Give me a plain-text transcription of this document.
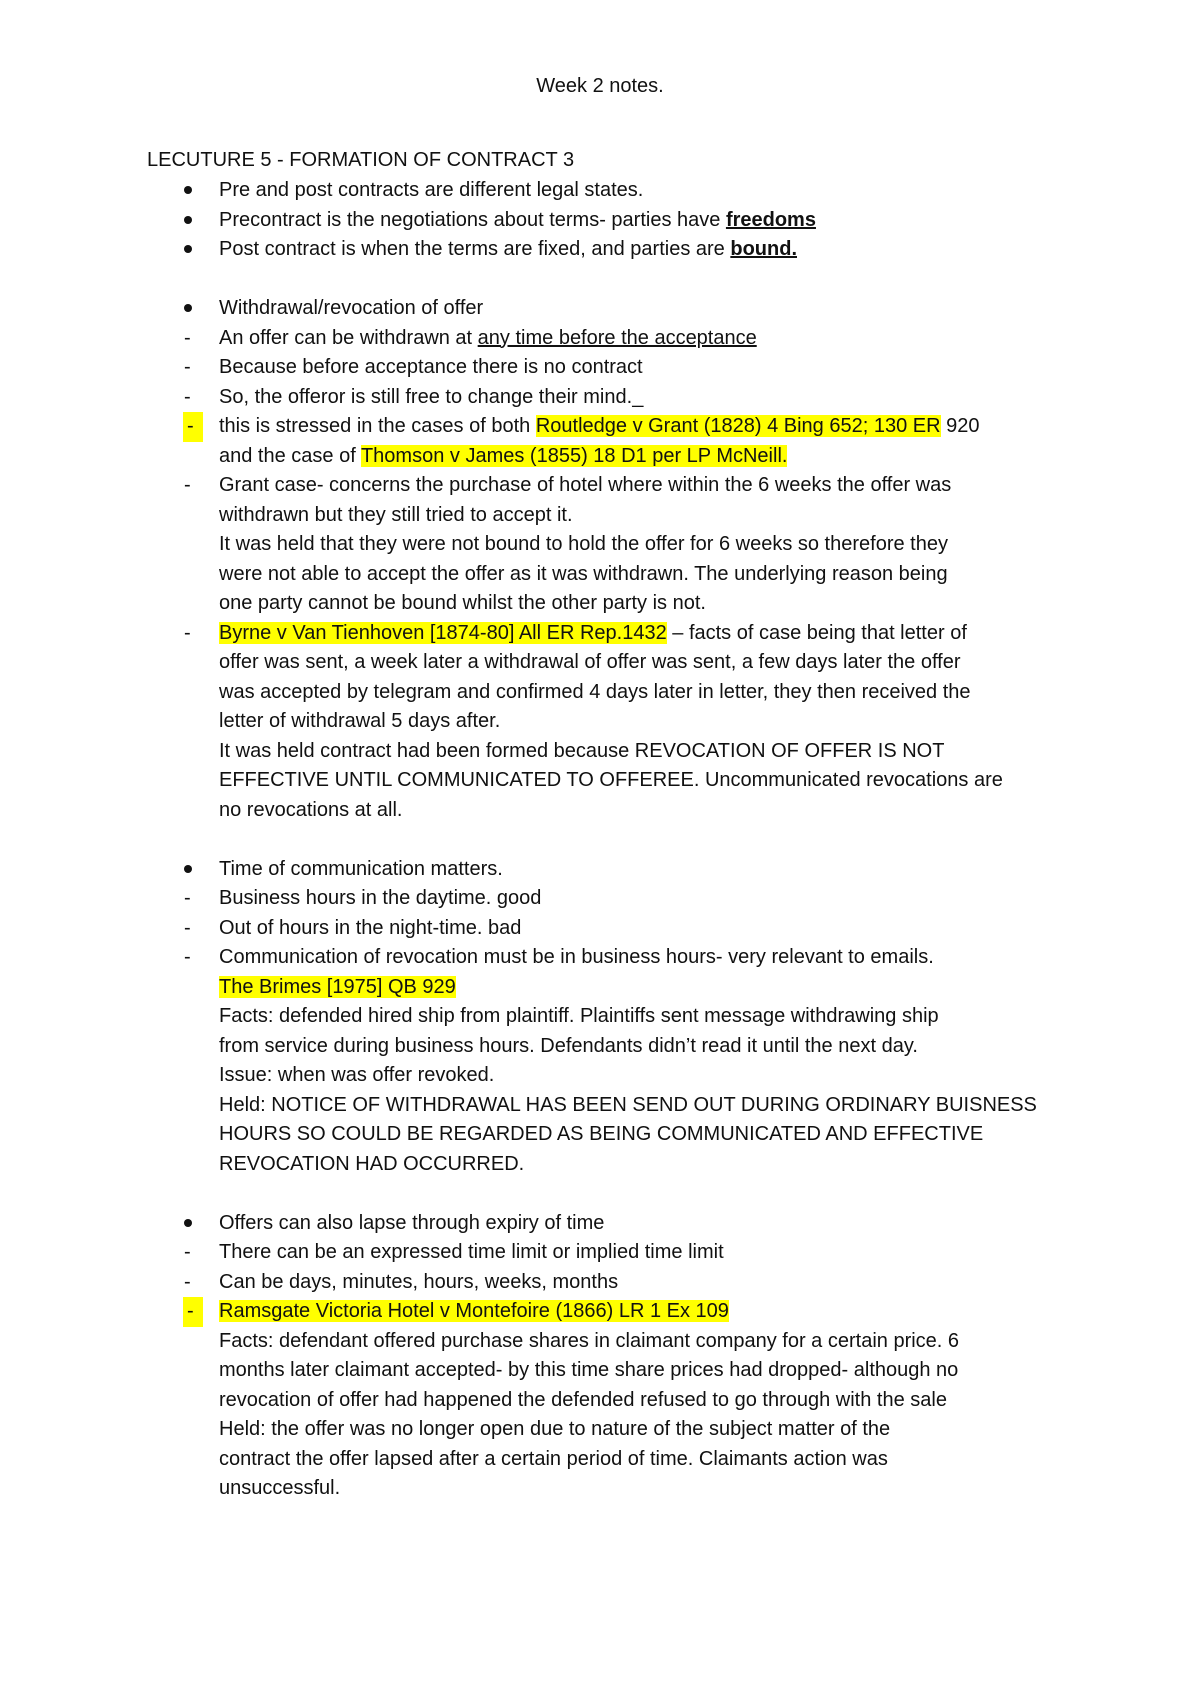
Week 2 notes.
LECUTURE 5 - FORMATION OF CONTRACT 3
Pre and post contracts are different legal states.
Precontract is the negotiations about terms- parties have freedoms
Post contract is when the terms are fixed, and parties are bound.
Withdrawal/revocation of offer
- An offer can be withdrawn at any time before the acceptance
- Because before acceptance there is no contract
- So, the offeror is still free to change their mind._
- this is stressed in the cases of both Routledge v Grant (1828) 4 Bing 652; 130 ER 920
and the case of Thomson v James (1855) 18 D1 per LP McNeill.
- Grant case- concerns the purchase of hotel where within the 6 weeks the offer was
withdrawn but they still tried to accept it.
It was held that they were not bound to hold the offer for 6 weeks so therefore they
were not able to accept the offer as it was withdrawn. The underlying reason being
one party cannot be bound whilst the other party is not.
- Byrne v Van Tienhoven [1874-80] All ER Rep.1432 – facts of case being that letter of
offer was sent, a week later a withdrawal of offer was sent, a few days later the offer
was accepted by telegram and confirmed 4 days later in letter, they then received the
letter of withdrawal 5 days after.
It was held contract had been formed because REVOCATION OF OFFER IS NOT
EFFECTIVE UNTIL COMMUNICATED TO OFFEREE. Uncommunicated revocations are
no revocations at all.
Time of communication matters.
- Business hours in the daytime. good
- Out of hours in the night-time. bad
- Communication of revocation must be in business hours- very relevant to emails.
The Brimes [1975] QB 929
Facts: defended hired ship from plaintiff. Plaintiffs sent message withdrawing ship
from service during business hours. Defendants didn’t read it until the next day.
Issue: when was offer revoked.
Held: NOTICE OF WITHDRAWAL HAS BEEN SEND OUT DURING ORDINARY BUISNESS
HOURS SO COULD BE REGARDED AS BEING COMMUNICATED AND EFFECTIVE
REVOCATION HAD OCCURRED.
Offers can also lapse through expiry of time
- There can be an expressed time limit or implied time limit
- Can be days, minutes, hours, weeks, months
- Ramsgate Victoria Hotel v Montefoire (1866) LR 1 Ex 109
Facts: defendant offered purchase shares in claimant company for a certain price. 6
months later claimant accepted- by this time share prices had dropped- although no
revocation of offer had happened the defended refused to go through with the sale
Held: the offer was no longer open due to nature of the subject matter of the
contract the offer lapsed after a certain period of time. Claimants action was
unsuccessful.
